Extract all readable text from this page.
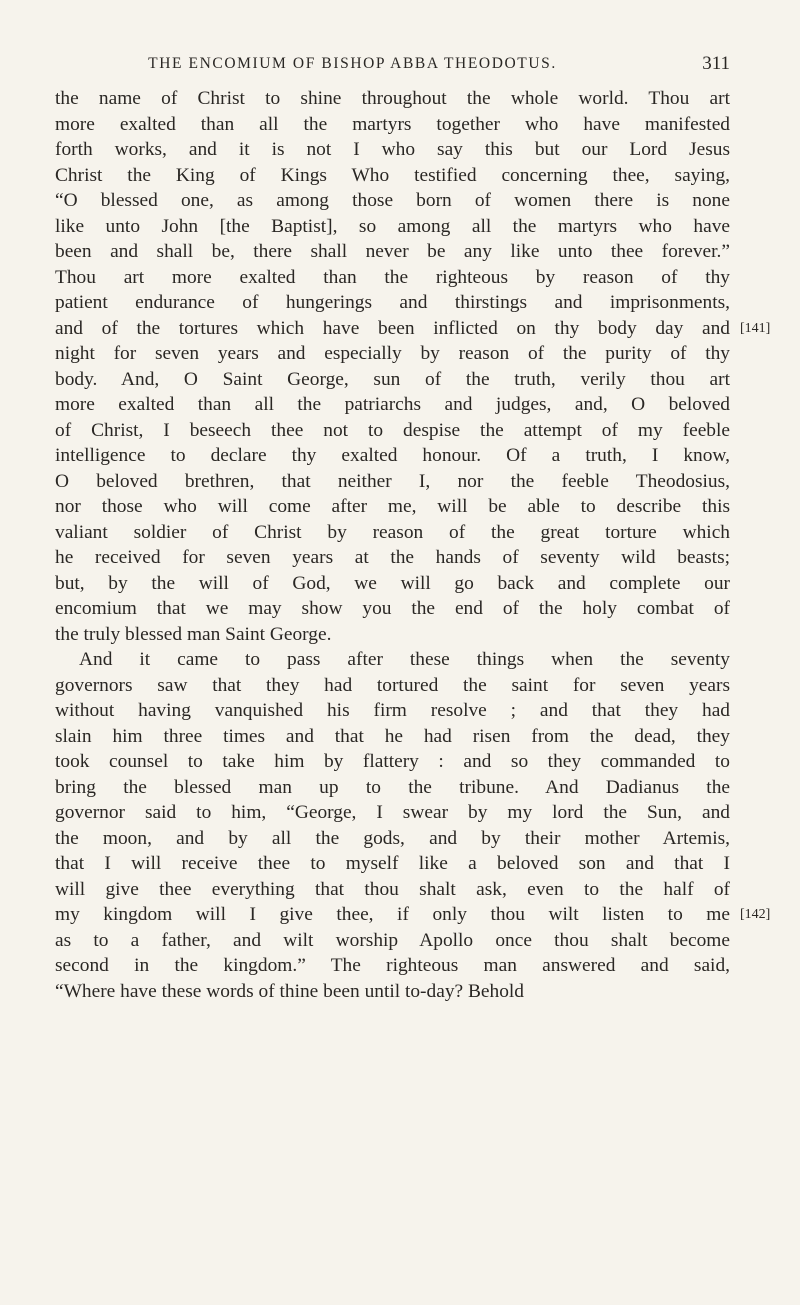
THE ENCOMIUM OF BISHOP ABBA THEODOTUS.	311
the name of Christ to shine throughout the whole world. Thou art
more exalted than all the martyrs together who have manifested
forth works, and it is not I who say this but our Lord Jesus
Christ the King of Kings Who testified concerning thee, saying,
“O blessed one, as among those born of women there is none
like unto John [the Baptist], so among all the martyrs who have
been and shall be, there shall never be any like unto thee forever.”
Thou art more exalted than the righteous by reason of thy
patient endurance of hungerings and thirstings and imprisonments,
and of the tortures which have been inflicted on thy body day and
night for seven years and especially by reason of the purity of thy
body. And, O Saint George, sun of the truth, verily thou art
more exalted than all the patriarchs and judges, and, O beloved
of Christ, I beseech thee not to despise the attempt of my feeble
intelligence to declare thy exalted honour. Of a truth, I know,
O beloved brethren, that neither I, nor the feeble Theodosius,
nor those who will come after me, will be able to describe this
valiant soldier of Christ by reason of the great torture which
he received for seven years at the hands of seventy wild beasts;
but, by the will of God, we will go back and complete our
encomium that we may show you the end of the holy combat of
the truly blessed man Saint George.
And it came to pass after these things when the seventy
governors saw that they had tortured the saint for seven years
without having vanquished his firm resolve ; and that they had
slain him three times and that he had risen from the dead, they
took counsel to take him by flattery : and so they commanded to
bring the blessed man up to the tribune. And Dadianus the
governor said to him, “George, I swear by my lord the Sun, and
the moon, and by all the gods, and by their mother Artemis,
that I will receive thee to myself like a beloved son and that I
will give thee everything that thou shalt ask, even to the half of
my kingdom will I give thee, if only thou wilt listen to me
as to a father, and wilt worship Apollo once thou shalt become
second in the kingdom.” The righteous man answered and said,
“Where have these words of thine been until to-day? Behold
[141]
[142]
